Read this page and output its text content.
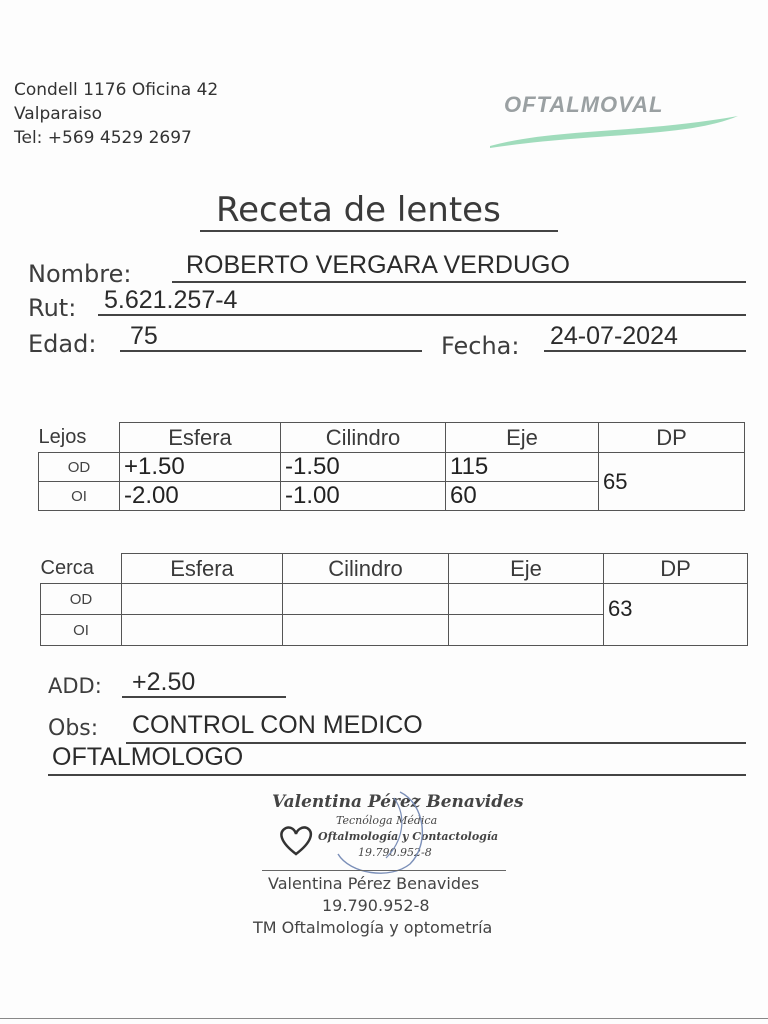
Condell 1176 Oficina 42
Valparaiso
Tel: +569 4529 2697
OFTALMOVAL
Receta de lentes
Nombre: ROBERTO VERGARA VERDUGO
Rut: 5.621.257-4
Edad: 75	Fecha: 24-07-2024
Lejos	Esfera	Cilindro	Eje	DP
OD	+1.50	-1.50	115	65
OI	-2.00	-1.00	60	
Cerca	Esfera	Cilindro	Eje	DP
OD				63
OI				
ADD: +2.50
Obs: CONTROL CON MEDICO
OFTALMOLOGO
Valentina Pérez Benavides
Tecnóloga Médica
Oftalmología y Contactología
19.790.952-8
Valentina Pérez Benavides
19.790.952-8
TM Oftalmología y optometría
